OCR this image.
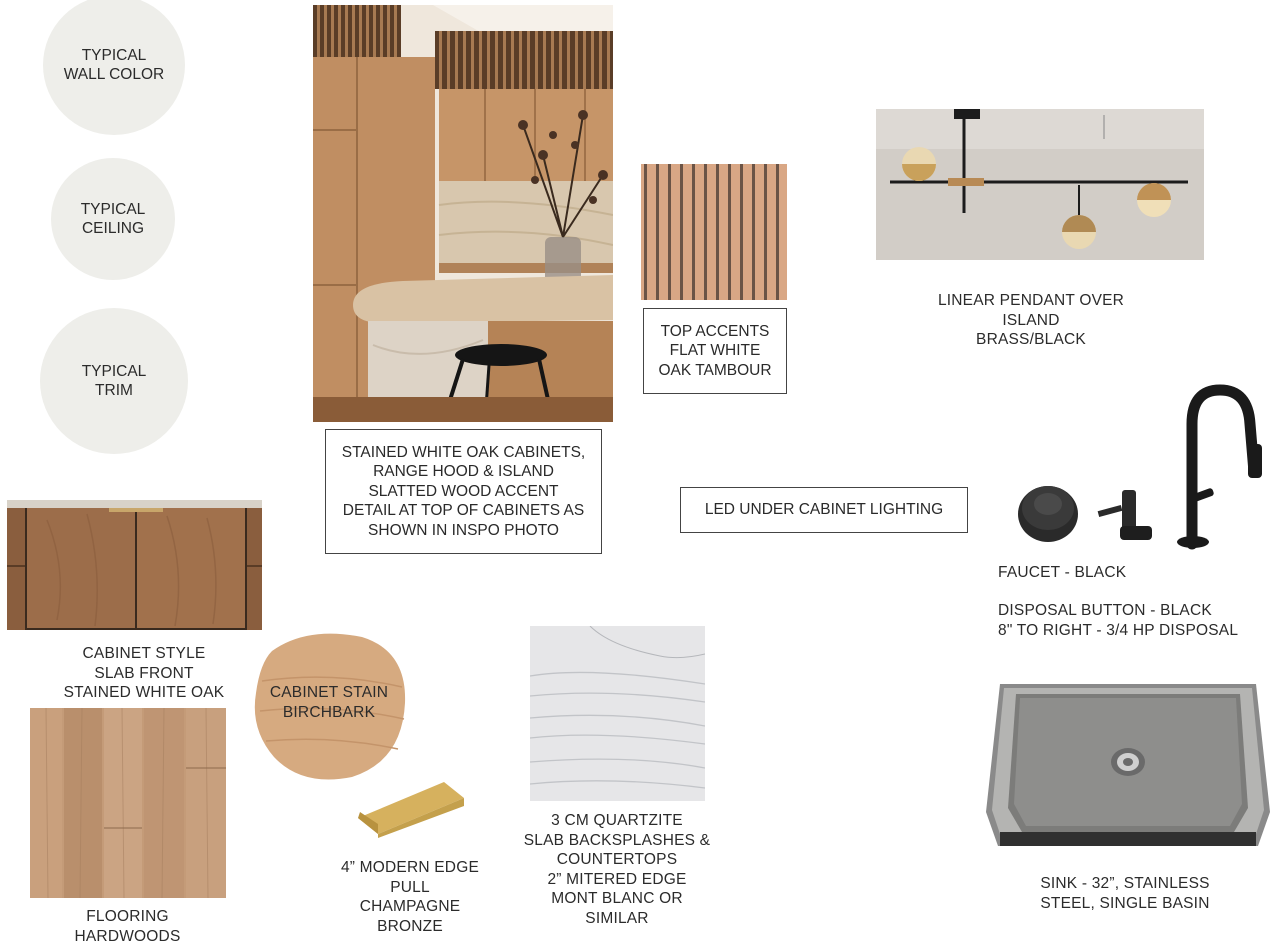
TYPICAL
WALL COLOR
TYPICAL
CEILING
TYPICAL
TRIM
TOP ACCENTS
FLAT WHITE
OAK TAMBOUR
LINEAR PENDANT OVER
ISLAND
BRASS/BLACK
STAINED WHITE OAK CABINETS,
RANGE HOOD & ISLAND
SLATTED WOOD ACCENT
DETAIL AT TOP OF CABINETS AS
SHOWN IN INSPO PHOTO
LED UNDER CABINET LIGHTING
FAUCET - BLACK
DISPOSAL BUTTON - BLACK
8" TO RIGHT - 3/4 HP DISPOSAL
CABINET STYLE
SLAB FRONT
STAINED WHITE OAK	CABINET STAIN
BIRCHBARK
FLOORING
HARDWOODS
4” MODERN EDGE
PULL
CHAMPAGNE
BRONZE
3 CM QUARTZITE
SLAB BACKSPLASHES &
COUNTERTOPS
2” MITERED EDGE
MONT BLANC OR
SIMILAR
SINK - 32”, STAINLESS
STEEL, SINGLE BASIN
